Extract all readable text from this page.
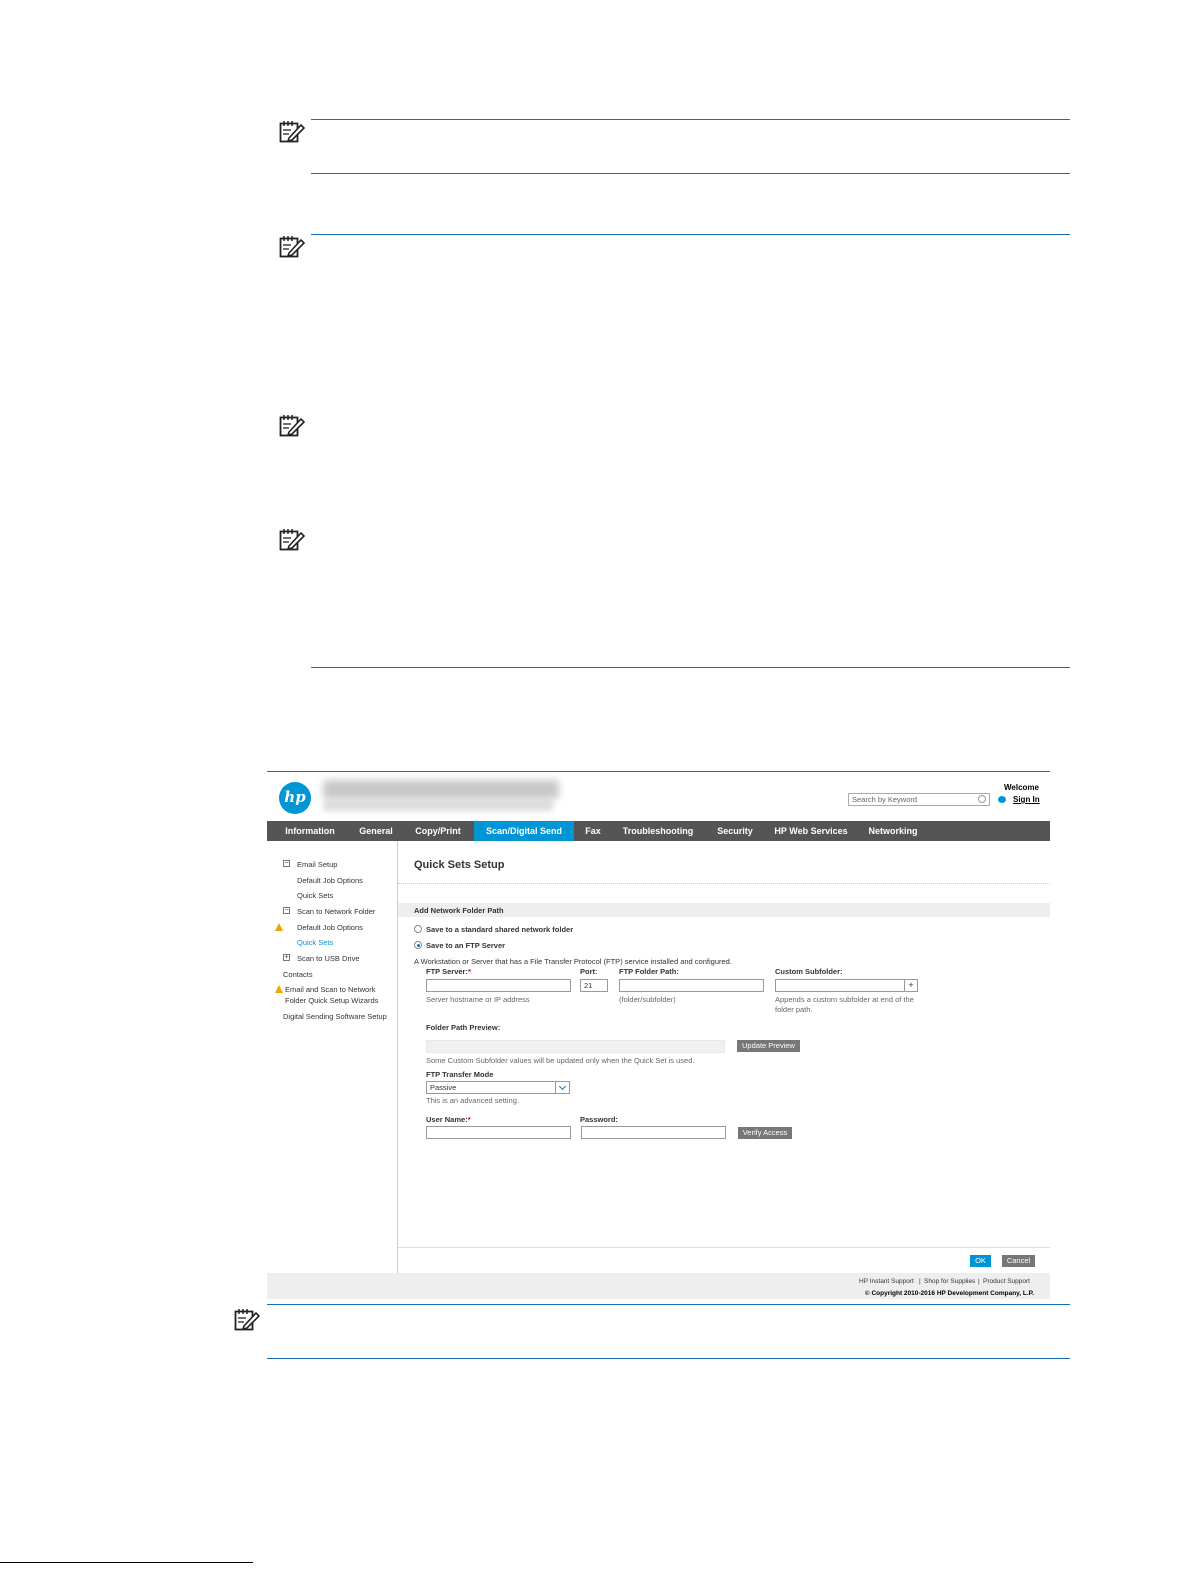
hp	Search by Keyword
Welcome
Sign In
Information	General	Copy/Print	Scan/Digital Send	Fax	Troubleshooting	Security	HP Web Services	Networking
− Email Setup
Default Job Options
Quick Sets
− Scan to Network Folder
Default Job Options
Quick Sets
+ Scan to USB Drive
Contacts
Email and Scan to Network
Folder Quick Setup Wizards
Digital Sending Software Setup
Quick Sets Setup
Add Network Folder Path
Save to a standard shared network folder
Save to an FTP Server
A Workstation or Server that has a File Transfer Protocol (FTP) service installed and configured.
FTP Server:*
Server hostname or IP address
Port:
21
FTP Folder Path:
(folder/subfolder)
Custom Subfolder:
+
Appends a custom subfolder at end of the
folder path.
Folder Path Preview:
Update Preview
Some Custom Subfolder values will be updated only when the Quick Set is used.
FTP Transfer Mode
Passive
This is an advanced setting.
User Name:*	Password:
Verify Access
OK	Cancel
HP Instant Support | Shop for Supplies | Product Support
© Copyright 2010-2016 HP Development Company, L.P.
